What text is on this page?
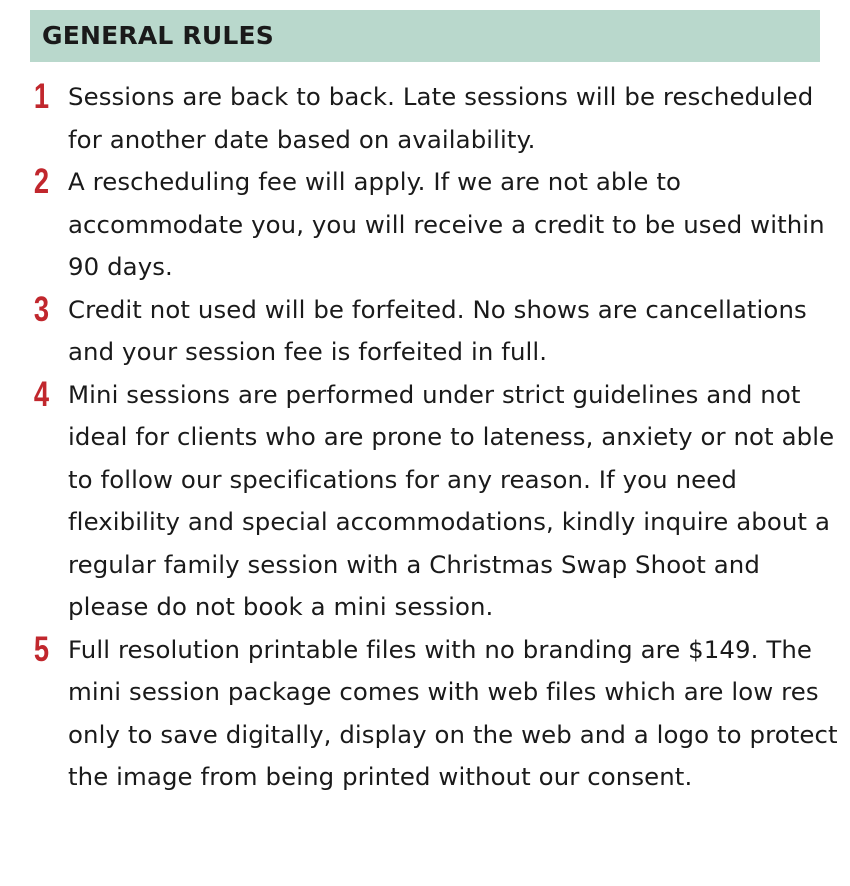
GENERAL RULES
1 Sessions are back to back. Late sessions will be rescheduled for another date based on availability.
2 A rescheduling fee will apply. If we are not able to accommodate you, you will receive a credit to be used within 90 days.
3 Credit not used will be forfeited. No shows are cancellations and your session fee is forfeited in full.
4 Mini sessions are performed under strict guidelines and not ideal for clients who are prone to lateness, anxiety or not able to follow our specifications for any reason. If you need flexibility and special accommodations, kindly inquire about a regular family session with a Christmas Swap Shoot and please do not book a mini session.
5 Full resolution printable files with no branding are $149. The mini session package comes with web files which are low res only to save digitally, display on the web and a logo to protect the image from being printed without our consent.
